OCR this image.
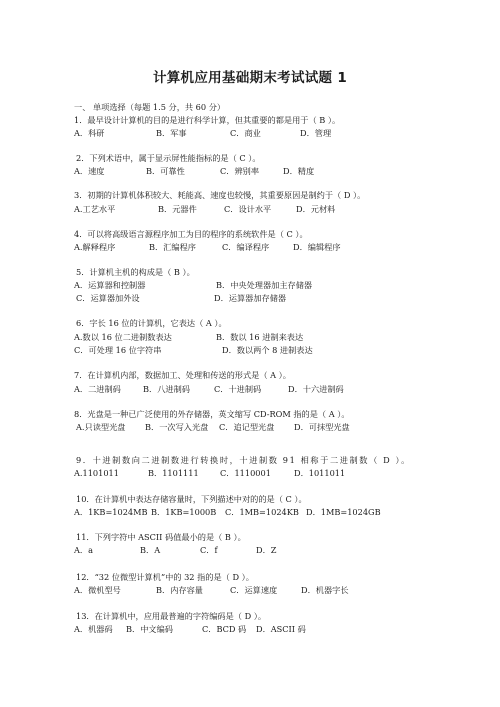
计算机应用基础期末考试试题 1
一、 单项选择（每题 1.5 分，共 60 分）
1．最早设计计算机的目的是进行科学计算，但其重要的都是用于（ B ）。
A．科研	B．军事	C．商业	D．管理
2．下列术语中，属于显示屏性能指标的是（ C ）。
A．速度	B．可靠性	C．辨别率	D．精度
3．初期的计算机体积较大、耗能高、速度也较慢，其重要原因是制约于（ D ）。
A.工艺水平	B．元器件	C．设计水平	D．元材料
4．可以将高级语言源程序加工为目的程序的系统软件是（ C ）。
A.解释程序	B．汇编程序	C．编译程序	D．编辑程序
5．计算机主机的构成是（ B ）。
A．运算器和控制器	B．中央处理器加主存储器
C．运算器加外设	D．运算器加存储器
6．字长 16 位的计算机，它表达（ A ）。
A.数以 16 位二进制数表达	B．数以 16 进制来表达
C．可处理 16 位字符串	D．数以两个 8 进制表达
7．在计算机内部，数据加工、处理和传送的形式是（ A ）。
A．二进制码	B．八进制码	C．十进制码	D．十六进制码
8．光盘是一种已广泛使用的外存储器，英文缩写 CD-ROM 指的是（ A ）。
A.只读型光盘 B．一次写入光盘 C．追记型光盘 D．可抹型光盘
9．十进制数向二进制数进行转换时，十进制数 91 相称于二进制数（ D ）。
A.1101011	B．1101111	C．1110001	D．1011011
10．在计算机中表达存储容量时，下列描述中对的的是（ C ）。
A．1KB=1024MB B．1KB=1000B C．1MB=1024KB D．1MB=1024GB
11．下列字符中 ASCII 码值最小的是（ B ）。
A．a	B．A	C．f	D．Z
12．“32 位微型计算机”中的 32 指的是（ D ）。
A．微机型号	B．内存容量	C．运算速度	D．机器字长
13．在计算机中，应用最普遍的字符编码是（ D ）。
A．机器码 B．中文编码	C．BCD 码 D．ASCII 码
